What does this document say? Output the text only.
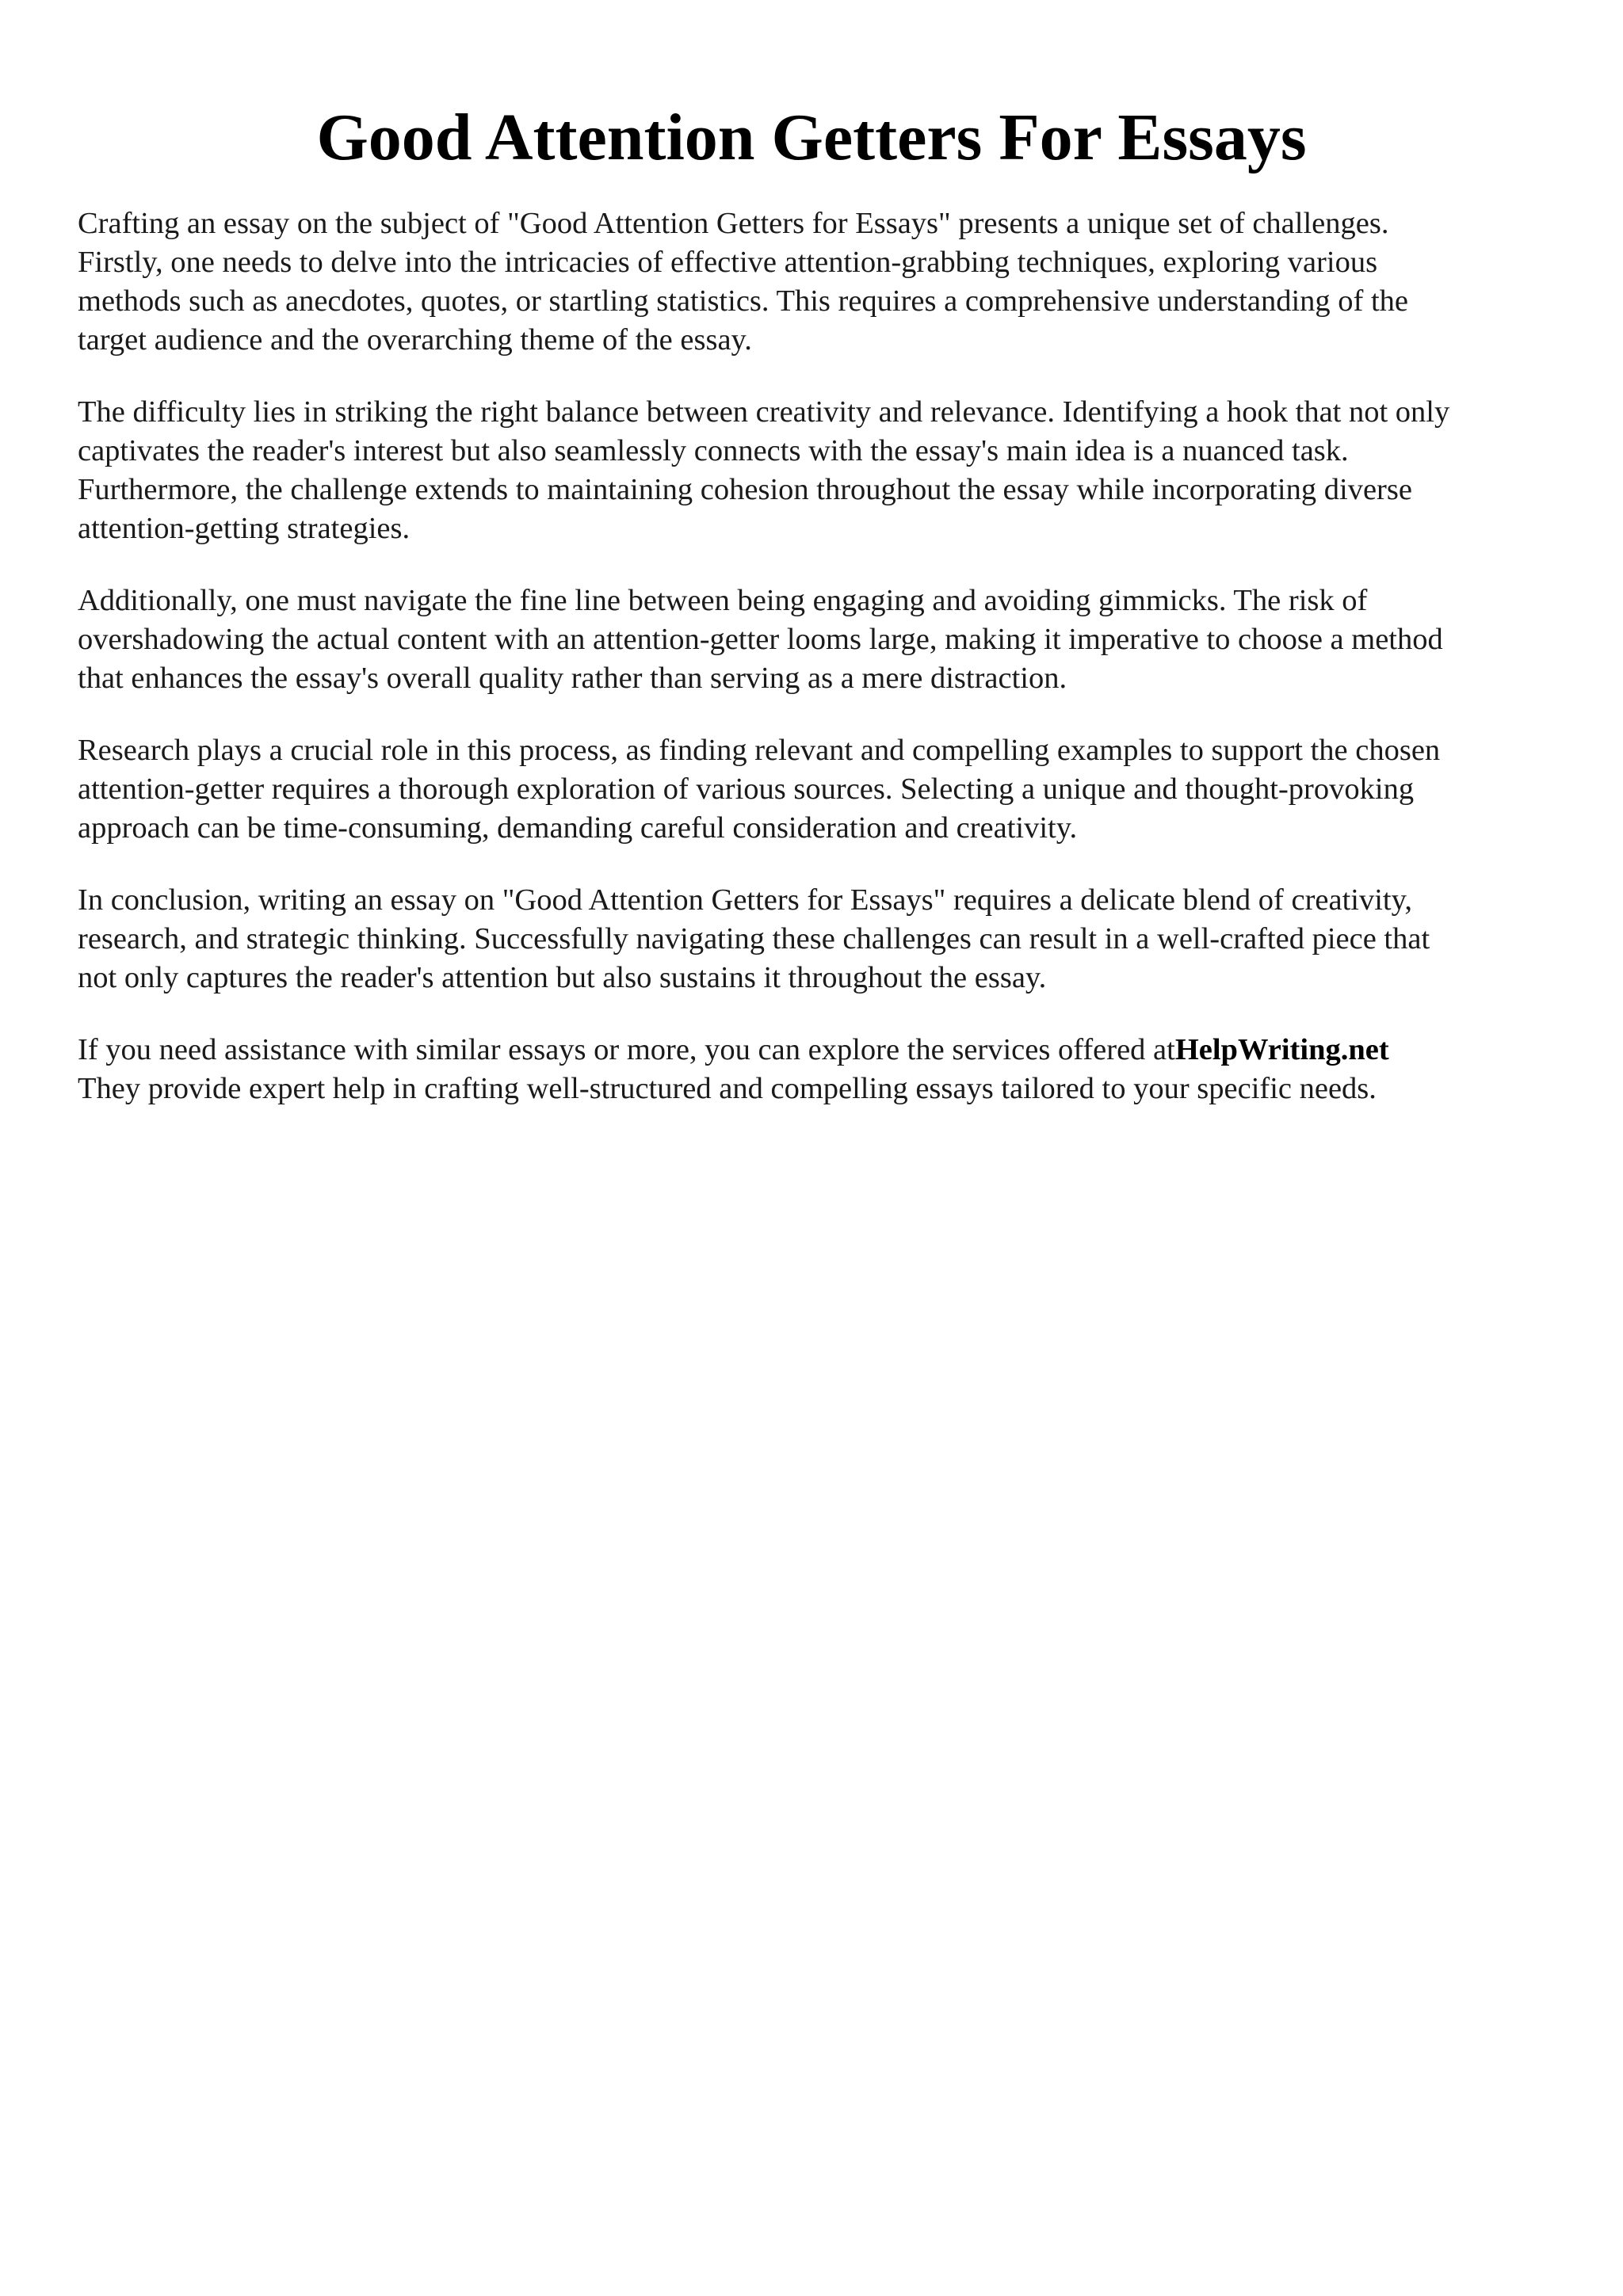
Good Attention Getters For Essays

Crafting an essay on the subject of "Good Attention Getters for Essays" presents a unique set of challenges.
Firstly, one needs to delve into the intricacies of effective attention-grabbing techniques, exploring various
methods such as anecdotes, quotes, or startling statistics. This requires a comprehensive understanding of the
target audience and the overarching theme of the essay.

The difficulty lies in striking the right balance between creativity and relevance. Identifying a hook that not only
captivates the reader's interest but also seamlessly connects with the essay's main idea is a nuanced task.
Furthermore, the challenge extends to maintaining cohesion throughout the essay while incorporating diverse
attention-getting strategies.

Additionally, one must navigate the fine line between being engaging and avoiding gimmicks. The risk of
overshadowing the actual content with an attention-getter looms large, making it imperative to choose a method
that enhances the essay's overall quality rather than serving as a mere distraction.

Research plays a crucial role in this process, as finding relevant and compelling examples to support the chosen
attention-getter requires a thorough exploration of various sources. Selecting a unique and thought-provoking
approach can be time-consuming, demanding careful consideration and creativity.

In conclusion, writing an essay on "Good Attention Getters for Essays" requires a delicate blend of creativity,
research, and strategic thinking. Successfully navigating these challenges can result in a well-crafted piece that
not only captures the reader's attention but also sustains it throughout the essay.

If you need assistance with similar essays or more, you can explore the services offered atHelpWriting.net
They provide expert help in crafting well-structured and compelling essays tailored to your specific needs.
